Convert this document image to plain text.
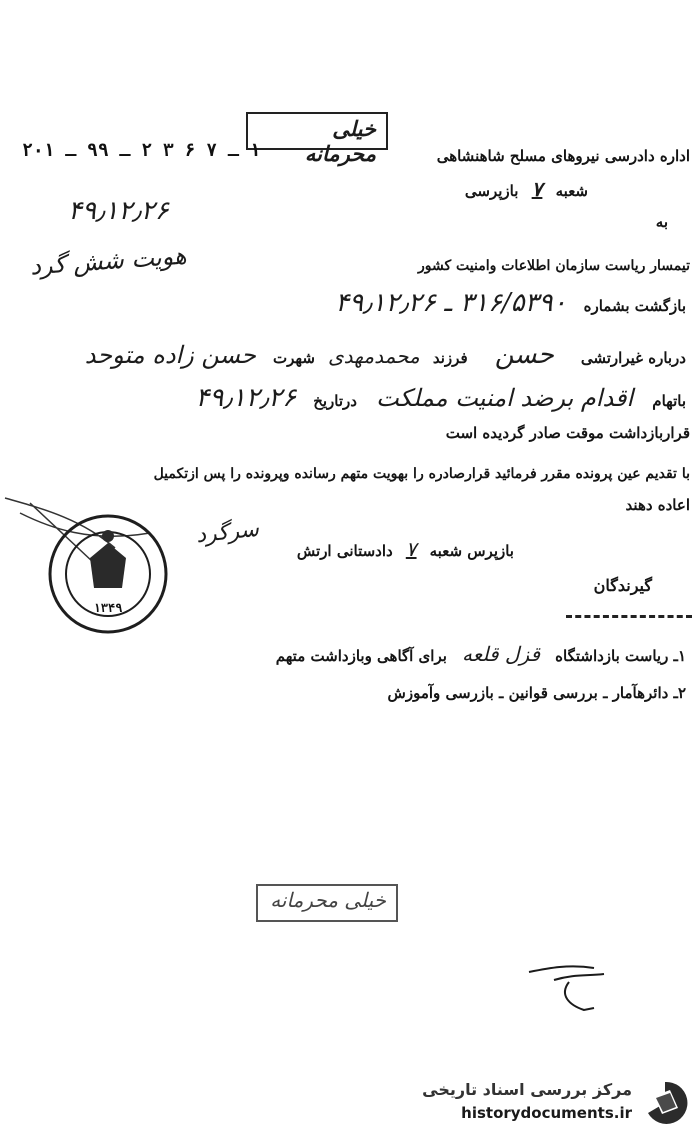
خیلی محرمانه
۱ ـ ۷ ۶ ۳ ۲ ـ ۹۹ ـ ۲۰۱	اداره دادرسی نیروهای مسلح شاهنشاهی
شعبه ۷ بازپرسی
۴۹٫۱۲٫۲۶
هویت شش گرد
به
تیمسار ریاست سازمان اطلاعات وامنیت کشور
بازگشت بشماره ۳۱۶/۵۳۹۰ ـ ۴۹٫۱۲٫۲۶
درباره غیرارتشی حسن فرزند محمدمهدی شهرت حسن زاده متوحد
باتهام اقدام برضد امنیت مملکت درتاریخ ۴۹٫۱۲٫۲۶
قراربازداشت موقت صادر گردیده است
با تقدیم عین پرونده مقرر فرمائید قرارصادره را بهویت متهم رسانده وپرونده را پس ازتکمیل
اعاده دهند
۱۳۴۹
بازپرس شعبه ۷ دادستانی ارتش
سرگرد
گیرندگان
۱ـ ریاست بازداشتگاه قزل قلعه برای آگاهی وبازداشت متهم
۲ـ دائرهآمار ـ بررسی قوانین ـ بازرسی وآموزش
خیلی محرمانه
مرکز بررسی اسناد تاریخی
historydocuments.ir
